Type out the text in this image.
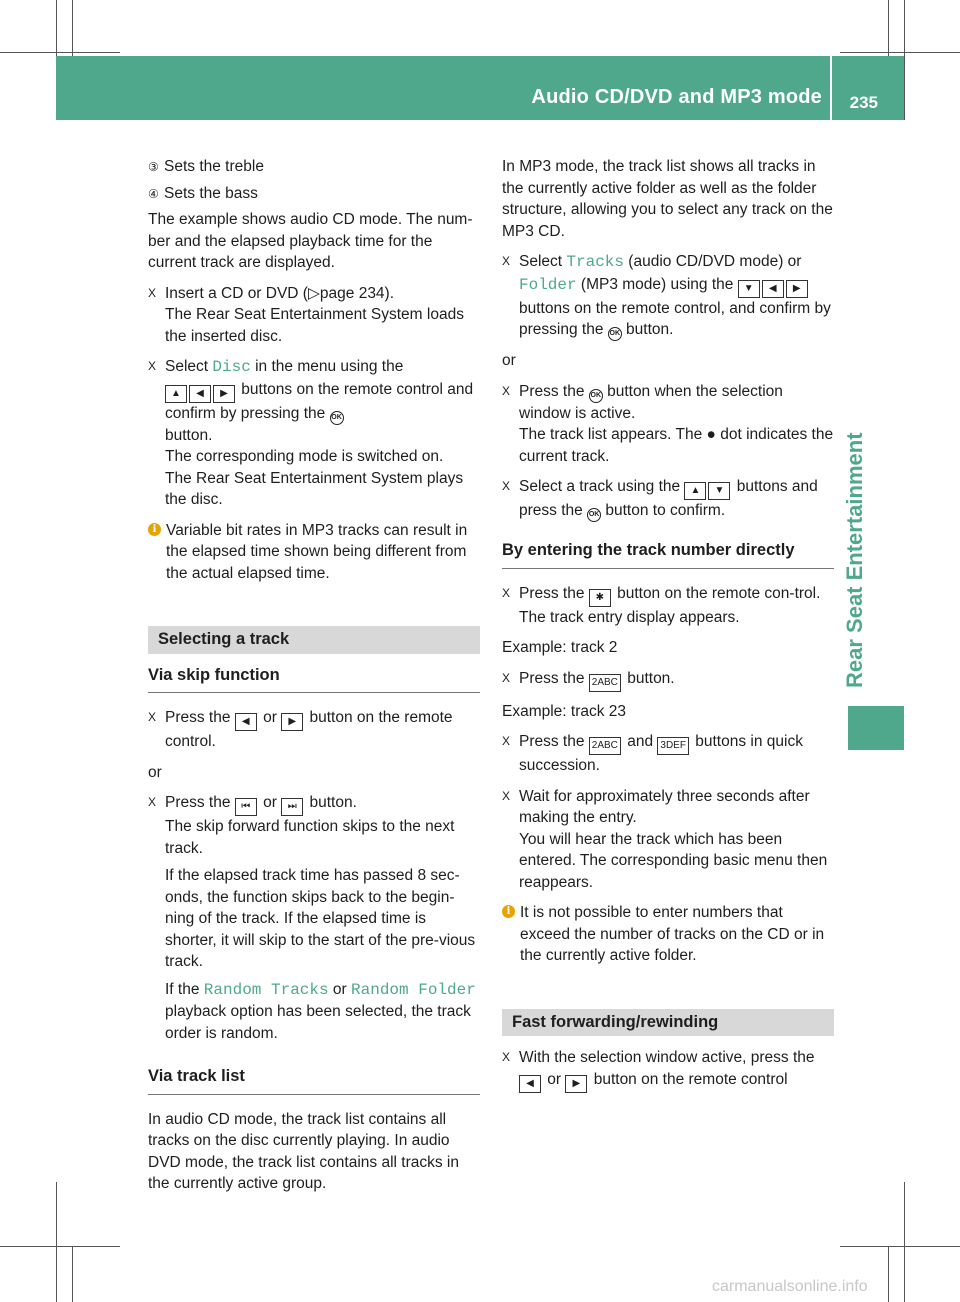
Audio CD/DVD and MP3 mode 235
Rear Seat Entertainment

③ Sets the treble

④ Sets the bass

The example shows audio CD mode. The num-ber and the elapsed playback time for the current track are displayed.

X Insert a CD or DVD (▷page 234).
The Rear Seat Entertainment System loads the inserted disc.
X Select Disc in the menu using the
▲ ◀ ▶ buttons on the remote control and confirm by pressing the OK
button.
The corresponding mode is switched on.
The Rear Seat Entertainment System plays the disc.
i Variable bit rates in MP3 tracks can result in the elapsed time shown being different from the actual elapsed time.
Selecting a track
Via skip function
X Press the ◀ or ▶ button on the remote control.

or

X Press the ⏮ or ⏭ button.
The skip forward function skips to the next track.

If the elapsed track time has passed 8 sec-onds, the function skips back to the begin-ning of the track. If the elapsed time is shorter, it will skip to the start of the pre-vious track.

If the Random Tracks or Random Folder playback option has been selected, the track order is random.
Via track list

In audio CD mode, the track list contains all tracks on the disc currently playing. In audio DVD mode, the track list contains all tracks in the currently active group.

In MP3 mode, the track list shows all tracks in the currently active folder as well as the folder structure, allowing you to select any track on the MP3 CD.

X Select Tracks (audio CD/DVD mode) or Folder (MP3 mode) using the ▼ ◀ ▶ buttons on the remote control, and confirm by pressing the OK button.

or

X Press the OK button when the selection window is active.
The track list appears. The ● dot indicates the current track.
X Select a track using the ▲ ▼ buttons and press the OK button to confirm.
By entering the track number directly
X Press the ✱ button on the remote con-trol.
The track entry display appears.

Example: track 2

X Press the 2ABC button.

Example: track 23

X Press the 2ABC and 3DEF buttons in quick succession.
X Wait for approximately three seconds after making the entry.
You will hear the track which has been entered. The corresponding basic menu then reappears.
i It is not possible to enter numbers that exceed the number of tracks on the CD or in the currently active folder.
Fast forwarding/rewinding
X With the selection window active, press the ◀ or ▶ button on the remote control
carmanualsonline.info
